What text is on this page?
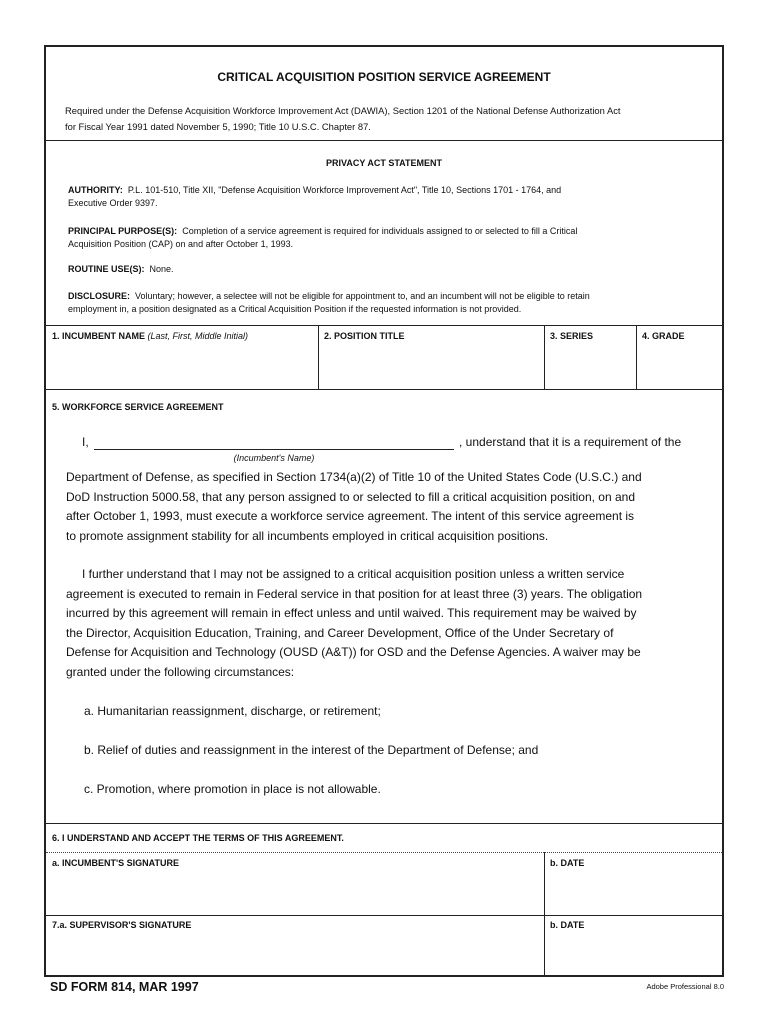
CRITICAL ACQUISITION POSITION SERVICE AGREEMENT
Required under the Defense Acquisition Workforce Improvement Act (DAWIA), Section 1201 of the National Defense Authorization Act
for Fiscal Year 1991 dated November 5, 1990; Title 10 U.S.C. Chapter 87.
PRIVACY ACT STATEMENT
AUTHORITY: P.L. 101-510, Title XII, "Defense Acquisition Workforce Improvement Act", Title 10, Sections 1701 - 1764, and
Executive Order 9397.
PRINCIPAL PURPOSE(S): Completion of a service agreement is required for individuals assigned to or selected to fill a Critical
Acquisition Position (CAP) on and after October 1, 1993.
ROUTINE USE(S): None.
DISCLOSURE: Voluntary; however, a selectee will not be eligible for appointment to, and an incumbent will not be eligible to retain
employment in, a position designated as a Critical Acquisition Position if the requested information is not provided.
1. INCUMBENT NAME (Last, First, Middle Initial)	2. POSITION TITLE	3. SERIES	4. GRADE
5. WORKFORCE SERVICE AGREEMENT
I,	, understand that it is a requirement of the
(Incumbent's Name)
Department of Defense, as specified in Section 1734(a)(2) of Title 10 of the United States Code (U.S.C.) and
DoD Instruction 5000.58, that any person assigned to or selected to fill a critical acquisition position, on and
after October 1, 1993, must execute a workforce service agreement. The intent of this service agreement is
to promote assignment stability for all incumbents employed in critical acquisition positions.
I further understand that I may not be assigned to a critical acquisition position unless a written service
agreement is executed to remain in Federal service in that position for at least three (3) years. The obligation
incurred by this agreement will remain in effect unless and until waived. This requirement may be waived by
the Director, Acquisition Education, Training, and Career Development, Office of the Under Secretary of
Defense for Acquisition and Technology (OUSD (A&T)) for OSD and the Defense Agencies. A waiver may be
granted under the following circumstances:
a. Humanitarian reassignment, discharge, or retirement;
b. Relief of duties and reassignment in the interest of the Department of Defense; and
c. Promotion, where promotion in place is not allowable.
6. I UNDERSTAND AND ACCEPT THE TERMS OF THIS AGREEMENT.
a. INCUMBENT'S SIGNATURE	b. DATE
7.a. SUPERVISOR'S SIGNATURE	b. DATE
SD FORM 814, MAR 1997	Adobe Professional 8.0
